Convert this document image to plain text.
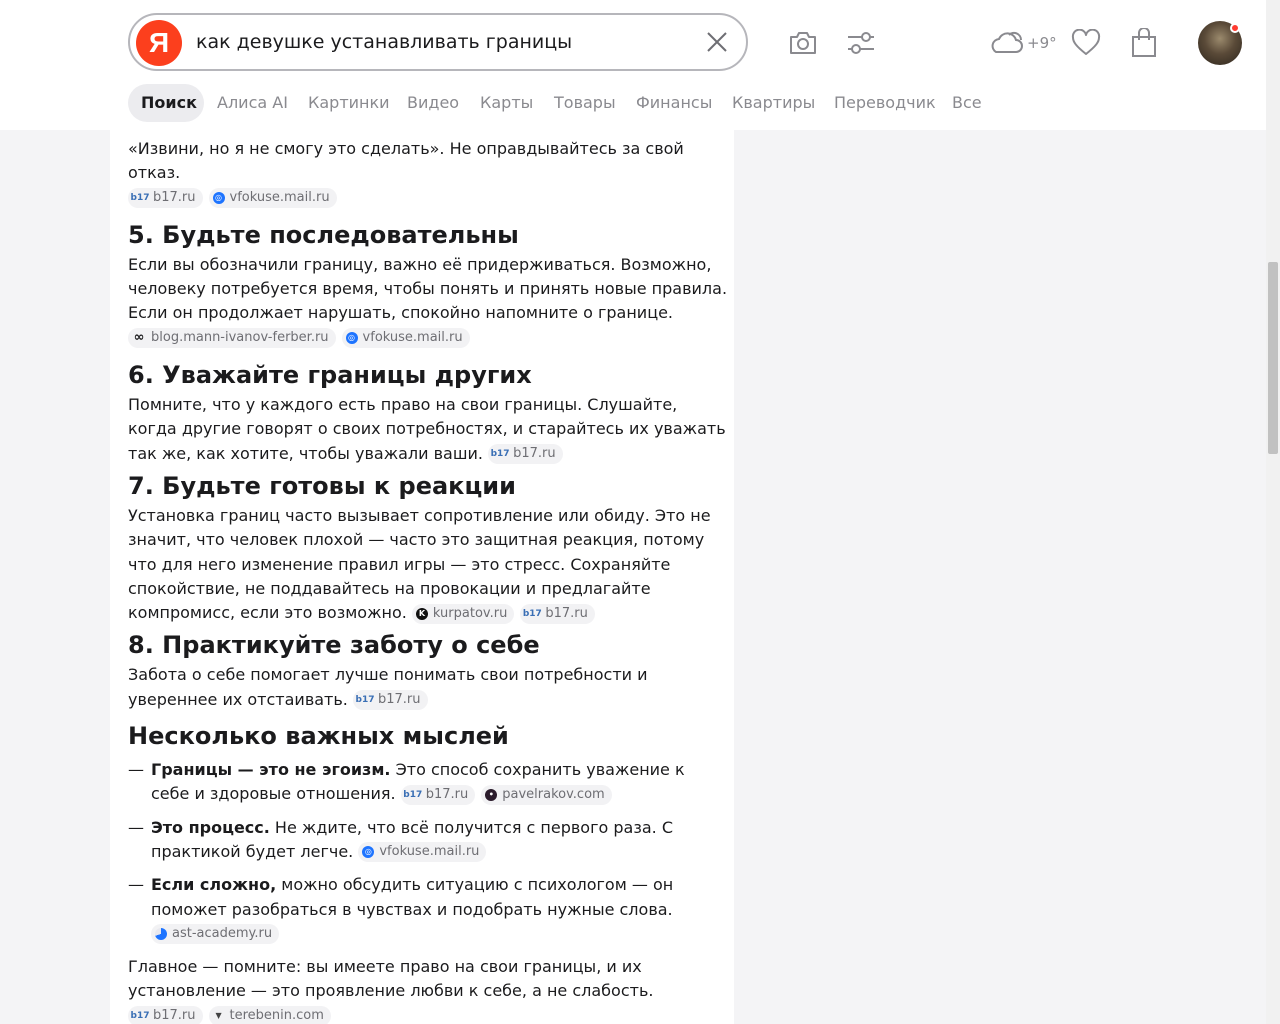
Я
как девушке устанавливать границы	+9°
Поиск	Алиса AI Картинки Видео Карты Товары Финансы Квартиры Переводчик Все

«Извини, но я не смогу это сделать». Не оправдывайтесь за свой отказ.

b17 b17.ru	◎ vfokuse.mail.ru

5. Будьте последовательны

Если вы обозначили границу, важно её придерживаться. Возможно, человеку потребуется время, чтобы понять и принять новые правила. Если он продолжает нарушать, спокойно напомните о границе.

∞ blog.mann-ivanov-ferber.ru	◎ vfokuse.mail.ru

6. Уважайте границы других

Помните, что у каждого есть право на свои границы. Слушайте, когда другие говорят о своих потребностях, и старайтесь их уважать так же, как хотите, чтобы уважали ваши. b17 b17.ru

7. Будьте готовы к реакции

Установка границ часто вызывает сопротивление или обиду. Это не значит, что человек плохой — часто это защитная реакция, потому что для него изменение правил игры — это стресс. Сохраняйте спокойствие, не поддавайтесь на провокации и предлагайте компромисс, если это возможно.	K kurpatov.ru b17 b17.ru

8. Практикуйте заботу о себе

Забота о себе помогает лучше понимать свои потребности и увереннее их отстаивать. b17 b17.ru

Несколько важных мыслей
— Границы — это не эгоизм. Это способ сохранить уважение к себе и здоровые отношения. b17 b17.ru	• pavelrakov.com
— Это процесс. Не ждите, что всё получится с первого раза. С практикой будет легче.	◎ vfokuse.mail.ru
— Если сложно, можно обсудить ситуацию с психологом — он поможет разобраться в чувствах и подобрать нужные слова.

ast-academy.ru

Главное — помните: вы имеете право на свои границы, и их установление — это проявление любви к себе, а не слабость.
b17 b17.ru	▼ terebenin.com
